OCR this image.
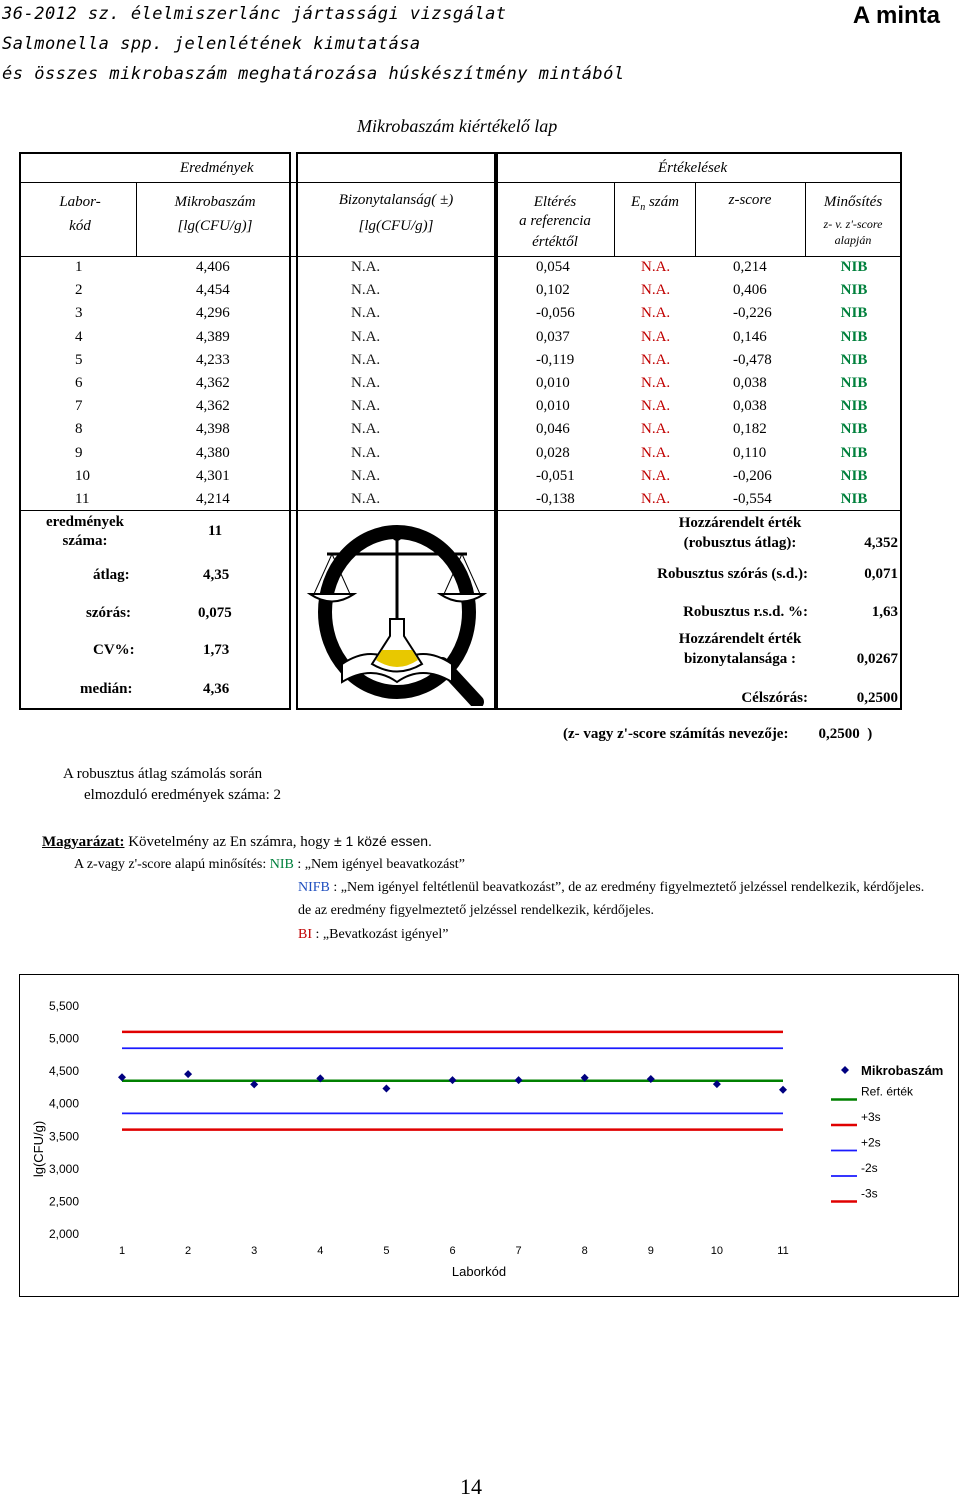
36-2012 sz. élelmiszerlánc jártassági vizsgálat
Salmonella spp. jelenlétének kimutatása
és összes mikrobaszám meghatározása húskészítmény mintából
A minta
Mikrobaszám kiértékelő lap
Eredmények	Értékelések
Labor-
kód
Mikrobaszám
[lg(CFU/g)]
Bizonytalanság( ±)
[lg(CFU/g)]
Eltérés
a referencia
értéktől
$E_n$ szám	z-score	Minősítés
z- v. z'-score
alapján
1	4,406	N.A.	0,054	N.A.	0,214	NIB
2	4,454	N.A.	0,102	N.A.	0,406	NIB
3	4,296	N.A.	-0,056	N.A.	-0,226	NIB
4	4,389	N.A.	0,037	N.A.	0,146	NIB
5	4,233	N.A.	-0,119	N.A.	-0,478	NIB
6	4,362	N.A.	0,010	N.A.	0,038	NIB
7	4,362	N.A.	0,010	N.A.	0,038	NIB
8	4,398	N.A.	0,046	N.A.	0,182	NIB
9	4,380	N.A.	0,028	N.A.	0,110	NIB
10	4,301	N.A.	-0,051	N.A.	-0,206	NIB
11	4,214	N.A.	-0,138	N.A.	-0,554	NIB
eredmények
száma:
11
átlag:	4,35
szórás:	0,075
CV%:	1,73
medián:	4,36
Hozzárendelt érték
(robusztus átlag):	4,352
Robusztus szórás (s.d.):	0,071
Robusztus r.s.d. %:	1,63
Hozzárendelt érték
bizonytalansága :	0,0267
Célszórás:	0,2500
(z- vagy z'-score számítás nevezője:        0,2500  )
A robusztus átlag számolás során
elmozduló eredmények száma: 2
Magyarázat: Követelmény az En számra, hogy ± 1 közé essen.
A z-vagy z'-score alapú minősítés: NIB : „Nem igényel beavatkozást”
NIFB : „Nem igényel feltétlenül beavatkozást”, de az eredmény figyelmeztető jelzéssel rendelkezik, kérdőjeles.
de az eredmény figyelmeztető jelzéssel rendelkezik, kérdőjeles.
BI : „Bevatkozást igényel”
5,500
5,000
4,500
4,000
3,500
3,000
2,500
2,000
1	2	3	4	5	6	7	8	9	10	11
Laborkód
lg(CFU/g)
Mikrobaszám
Ref. érték
+3s
+2s
-2s
-3s
14
